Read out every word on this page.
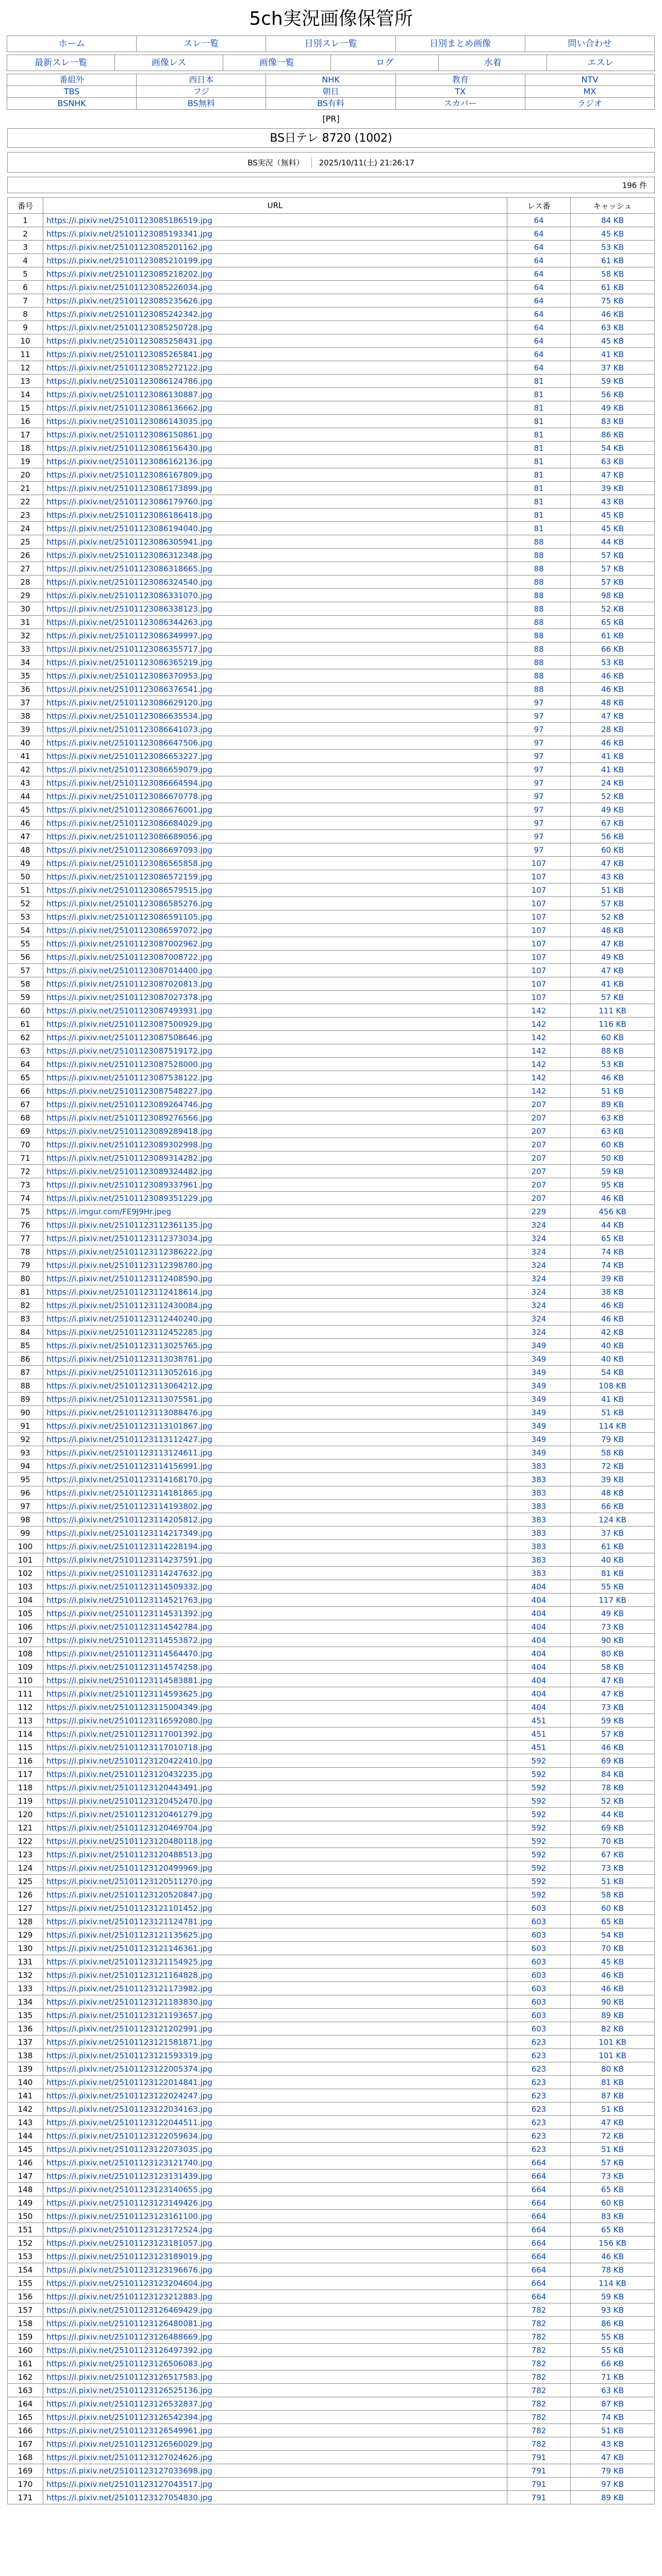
5ch実況画像保管所
ホーム	スレ一覧	日別スレ一覧	日別まとめ画像	問い合わせ
最新スレ一覧	画像レス	画像一覧	ログ	水着	エスレ
番組外	西日本	NHK	教育	NTV
TBS	フジ	朝日	TX	MX
BSNHK	BS無料	BS有料	スカパー	ラジオ
[PR]
BS日テレ 8720 (1002)
BS実況（無料）	2025/10/11(土) 21:26:17
196 件
番号	URL	レス番	キャッシュ
1	https://i.pixiv.net/25101123085186519.jpg	64	84 KB
2	https://i.pixiv.net/25101123085193341.jpg	64	45 KB
3	https://i.pixiv.net/25101123085201162.jpg	64	53 KB
4	https://i.pixiv.net/25101123085210199.jpg	64	61 KB
5	https://i.pixiv.net/25101123085218202.jpg	64	58 KB
6	https://i.pixiv.net/25101123085226034.jpg	64	61 KB
7	https://i.pixiv.net/25101123085235626.jpg	64	75 KB
8	https://i.pixiv.net/25101123085242342.jpg	64	46 KB
9	https://i.pixiv.net/25101123085250728.jpg	64	63 KB
10	https://i.pixiv.net/25101123085258431.jpg	64	45 KB
11	https://i.pixiv.net/25101123085265841.jpg	64	41 KB
12	https://i.pixiv.net/25101123085272122.jpg	64	37 KB
13	https://i.pixiv.net/25101123086124786.jpg	81	59 KB
14	https://i.pixiv.net/25101123086130887.jpg	81	56 KB
15	https://i.pixiv.net/25101123086136662.jpg	81	49 KB
16	https://i.pixiv.net/25101123086143035.jpg	81	83 KB
17	https://i.pixiv.net/25101123086150861.jpg	81	86 KB
18	https://i.pixiv.net/25101123086156430.jpg	81	54 KB
19	https://i.pixiv.net/25101123086162136.jpg	81	63 KB
20	https://i.pixiv.net/25101123086167809.jpg	81	47 KB
21	https://i.pixiv.net/25101123086173899.jpg	81	39 KB
22	https://i.pixiv.net/25101123086179760.jpg	81	43 KB
23	https://i.pixiv.net/25101123086186418.jpg	81	45 KB
24	https://i.pixiv.net/25101123086194040.jpg	81	45 KB
25	https://i.pixiv.net/25101123086305941.jpg	88	44 KB
26	https://i.pixiv.net/25101123086312348.jpg	88	57 KB
27	https://i.pixiv.net/25101123086318665.jpg	88	57 KB
28	https://i.pixiv.net/25101123086324540.jpg	88	57 KB
29	https://i.pixiv.net/25101123086331070.jpg	88	98 KB
30	https://i.pixiv.net/25101123086338123.jpg	88	52 KB
31	https://i.pixiv.net/25101123086344263.jpg	88	65 KB
32	https://i.pixiv.net/25101123086349997.jpg	88	61 KB
33	https://i.pixiv.net/25101123086355717.jpg	88	66 KB
34	https://i.pixiv.net/25101123086365219.jpg	88	53 KB
35	https://i.pixiv.net/25101123086370953.jpg	88	46 KB
36	https://i.pixiv.net/25101123086376541.jpg	88	46 KB
37	https://i.pixiv.net/25101123086629120.jpg	97	48 KB
38	https://i.pixiv.net/25101123086635534.jpg	97	47 KB
39	https://i.pixiv.net/25101123086641073.jpg	97	28 KB
40	https://i.pixiv.net/25101123086647506.jpg	97	46 KB
41	https://i.pixiv.net/25101123086653227.jpg	97	41 KB
42	https://i.pixiv.net/25101123086659079.jpg	97	41 KB
43	https://i.pixiv.net/25101123086664594.jpg	97	24 KB
44	https://i.pixiv.net/25101123086670778.jpg	97	52 KB
45	https://i.pixiv.net/25101123086676001.jpg	97	49 KB
46	https://i.pixiv.net/25101123086684029.jpg	97	67 KB
47	https://i.pixiv.net/25101123086689056.jpg	97	56 KB
48	https://i.pixiv.net/25101123086697093.jpg	97	60 KB
49	https://i.pixiv.net/25101123086565858.jpg	107	47 KB
50	https://i.pixiv.net/25101123086572159.jpg	107	43 KB
51	https://i.pixiv.net/25101123086579515.jpg	107	51 KB
52	https://i.pixiv.net/25101123086585276.jpg	107	57 KB
53	https://i.pixiv.net/25101123086591105.jpg	107	52 KB
54	https://i.pixiv.net/25101123086597072.jpg	107	48 KB
55	https://i.pixiv.net/25101123087002962.jpg	107	47 KB
56	https://i.pixiv.net/25101123087008722.jpg	107	49 KB
57	https://i.pixiv.net/25101123087014400.jpg	107	47 KB
58	https://i.pixiv.net/25101123087020813.jpg	107	41 KB
59	https://i.pixiv.net/25101123087027378.jpg	107	57 KB
60	https://i.pixiv.net/25101123087493931.jpg	142	111 KB
61	https://i.pixiv.net/25101123087500929.jpg	142	116 KB
62	https://i.pixiv.net/25101123087508646.jpg	142	60 KB
63	https://i.pixiv.net/25101123087519172.jpg	142	88 KB
64	https://i.pixiv.net/25101123087528000.jpg	142	53 KB
65	https://i.pixiv.net/25101123087538122.jpg	142	46 KB
66	https://i.pixiv.net/25101123087548227.jpg	142	51 KB
67	https://i.pixiv.net/25101123089264746.jpg	207	89 KB
68	https://i.pixiv.net/25101123089276566.jpg	207	63 KB
69	https://i.pixiv.net/25101123089289418.jpg	207	63 KB
70	https://i.pixiv.net/25101123089302998.jpg	207	60 KB
71	https://i.pixiv.net/25101123089314282.jpg	207	50 KB
72	https://i.pixiv.net/25101123089324482.jpg	207	59 KB
73	https://i.pixiv.net/25101123089337961.jpg	207	95 KB
74	https://i.pixiv.net/25101123089351229.jpg	207	46 KB
75	https://i.imgur.com/FE9J9Hr.jpeg	229	456 KB
76	https://i.pixiv.net/25101123112361135.jpg	324	44 KB
77	https://i.pixiv.net/25101123112373034.jpg	324	65 KB
78	https://i.pixiv.net/25101123112386222.jpg	324	74 KB
79	https://i.pixiv.net/25101123112398780.jpg	324	74 KB
80	https://i.pixiv.net/25101123112408590.jpg	324	39 KB
81	https://i.pixiv.net/25101123112418614.jpg	324	38 KB
82	https://i.pixiv.net/25101123112430084.jpg	324	46 KB
83	https://i.pixiv.net/25101123112440240.jpg	324	46 KB
84	https://i.pixiv.net/25101123112452285.jpg	324	42 KB
85	https://i.pixiv.net/25101123113025765.jpg	349	40 KB
86	https://i.pixiv.net/25101123113038781.jpg	349	40 KB
87	https://i.pixiv.net/25101123113052616.jpg	349	54 KB
88	https://i.pixiv.net/25101123113064212.jpg	349	108 KB
89	https://i.pixiv.net/25101123113075581.jpg	349	41 KB
90	https://i.pixiv.net/25101123113088476.jpg	349	51 KB
91	https://i.pixiv.net/25101123113101867.jpg	349	114 KB
92	https://i.pixiv.net/25101123113112427.jpg	349	79 KB
93	https://i.pixiv.net/25101123113124611.jpg	349	58 KB
94	https://i.pixiv.net/25101123114156991.jpg	383	72 KB
95	https://i.pixiv.net/25101123114168170.jpg	383	39 KB
96	https://i.pixiv.net/25101123114181865.jpg	383	48 KB
97	https://i.pixiv.net/25101123114193802.jpg	383	66 KB
98	https://i.pixiv.net/25101123114205812.jpg	383	124 KB
99	https://i.pixiv.net/25101123114217349.jpg	383	37 KB
100	https://i.pixiv.net/25101123114228194.jpg	383	61 KB
101	https://i.pixiv.net/25101123114237591.jpg	383	40 KB
102	https://i.pixiv.net/25101123114247632.jpg	383	81 KB
103	https://i.pixiv.net/25101123114509332.jpg	404	55 KB
104	https://i.pixiv.net/25101123114521763.jpg	404	117 KB
105	https://i.pixiv.net/25101123114531392.jpg	404	49 KB
106	https://i.pixiv.net/25101123114542784.jpg	404	73 KB
107	https://i.pixiv.net/25101123114553872.jpg	404	90 KB
108	https://i.pixiv.net/25101123114564470.jpg	404	80 KB
109	https://i.pixiv.net/25101123114574258.jpg	404	58 KB
110	https://i.pixiv.net/25101123114583881.jpg	404	47 KB
111	https://i.pixiv.net/25101123114593625.jpg	404	47 KB
112	https://i.pixiv.net/25101123115004349.jpg	404	73 KB
113	https://i.pixiv.net/25101123116592080.jpg	451	59 KB
114	https://i.pixiv.net/25101123117001392.jpg	451	57 KB
115	https://i.pixiv.net/25101123117010718.jpg	451	46 KB
116	https://i.pixiv.net/25101123120422410.jpg	592	69 KB
117	https://i.pixiv.net/25101123120432235.jpg	592	84 KB
118	https://i.pixiv.net/25101123120443491.jpg	592	78 KB
119	https://i.pixiv.net/25101123120452470.jpg	592	52 KB
120	https://i.pixiv.net/25101123120461279.jpg	592	44 KB
121	https://i.pixiv.net/25101123120469704.jpg	592	69 KB
122	https://i.pixiv.net/25101123120480118.jpg	592	70 KB
123	https://i.pixiv.net/25101123120488513.jpg	592	67 KB
124	https://i.pixiv.net/25101123120499969.jpg	592	73 KB
125	https://i.pixiv.net/25101123120511270.jpg	592	51 KB
126	https://i.pixiv.net/25101123120520847.jpg	592	58 KB
127	https://i.pixiv.net/25101123121101452.jpg	603	60 KB
128	https://i.pixiv.net/25101123121124781.jpg	603	65 KB
129	https://i.pixiv.net/25101123121135625.jpg	603	54 KB
130	https://i.pixiv.net/25101123121146361.jpg	603	70 KB
131	https://i.pixiv.net/25101123121154925.jpg	603	45 KB
132	https://i.pixiv.net/25101123121164828.jpg	603	46 KB
133	https://i.pixiv.net/25101123121173982.jpg	603	46 KB
134	https://i.pixiv.net/25101123121183830.jpg	603	90 KB
135	https://i.pixiv.net/25101123121193657.jpg	603	89 KB
136	https://i.pixiv.net/25101123121202991.jpg	603	82 KB
137	https://i.pixiv.net/25101123121581871.jpg	623	101 KB
138	https://i.pixiv.net/25101123121593319.jpg	623	101 KB
139	https://i.pixiv.net/25101123122005374.jpg	623	80 KB
140	https://i.pixiv.net/25101123122014841.jpg	623	81 KB
141	https://i.pixiv.net/25101123122024247.jpg	623	87 KB
142	https://i.pixiv.net/25101123122034163.jpg	623	51 KB
143	https://i.pixiv.net/25101123122044511.jpg	623	47 KB
144	https://i.pixiv.net/25101123122059634.jpg	623	72 KB
145	https://i.pixiv.net/25101123122073035.jpg	623	51 KB
146	https://i.pixiv.net/25101123123121740.jpg	664	57 KB
147	https://i.pixiv.net/25101123123131439.jpg	664	73 KB
148	https://i.pixiv.net/25101123123140655.jpg	664	65 KB
149	https://i.pixiv.net/25101123123149426.jpg	664	60 KB
150	https://i.pixiv.net/25101123123161100.jpg	664	83 KB
151	https://i.pixiv.net/25101123123172524.jpg	664	65 KB
152	https://i.pixiv.net/25101123123181057.jpg	664	156 KB
153	https://i.pixiv.net/25101123123189019.jpg	664	46 KB
154	https://i.pixiv.net/25101123123196676.jpg	664	78 KB
155	https://i.pixiv.net/25101123123204604.jpg	664	114 KB
156	https://i.pixiv.net/25101123123212883.jpg	664	59 KB
157	https://i.pixiv.net/25101123126469429.jpg	782	93 KB
158	https://i.pixiv.net/25101123126480081.jpg	782	86 KB
159	https://i.pixiv.net/25101123126488669.jpg	782	55 KB
160	https://i.pixiv.net/25101123126497392.jpg	782	55 KB
161	https://i.pixiv.net/25101123126506083.jpg	782	66 KB
162	https://i.pixiv.net/25101123126517583.jpg	782	71 KB
163	https://i.pixiv.net/25101123126525136.jpg	782	63 KB
164	https://i.pixiv.net/25101123126532837.jpg	782	87 KB
165	https://i.pixiv.net/25101123126542394.jpg	782	74 KB
166	https://i.pixiv.net/25101123126549961.jpg	782	51 KB
167	https://i.pixiv.net/25101123126560029.jpg	782	43 KB
168	https://i.pixiv.net/25101123127024626.jpg	791	47 KB
169	https://i.pixiv.net/25101123127033698.jpg	791	79 KB
170	https://i.pixiv.net/25101123127043517.jpg	791	97 KB
171	https://i.pixiv.net/25101123127054830.jpg	791	89 KB
